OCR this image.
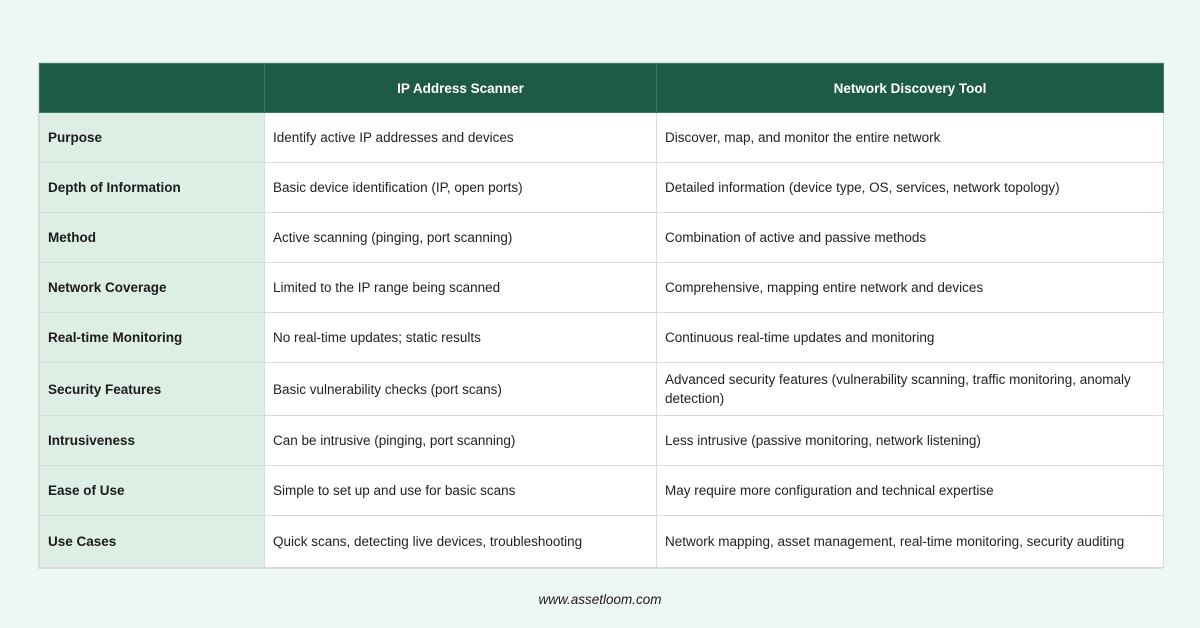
	IP Address Scanner	Network Discovery Tool
Purpose	Identify active IP addresses and devices	Discover, map, and monitor the entire network
Depth of Information	Basic device identification (IP, open ports)	Detailed information (device type, OS, services, network topology)
Method	Active scanning (pinging, port scanning)	Combination of active and passive methods
Network Coverage	Limited to the IP range being scanned	Comprehensive, mapping entire network and devices
Real-time Monitoring	No real-time updates; static results	Continuous real-time updates and monitoring
Security Features	Basic vulnerability checks (port scans)	Advanced security features (vulnerability scanning, traffic monitoring, anomaly detection)
Intrusiveness	Can be intrusive (pinging, port scanning)	Less intrusive (passive monitoring, network listening)
Ease of Use	Simple to set up and use for basic scans	May require more configuration and technical expertise
Use Cases	Quick scans, detecting live devices, troubleshooting	Network mapping, asset management, real-time monitoring, security auditing
www.assetloom.com
